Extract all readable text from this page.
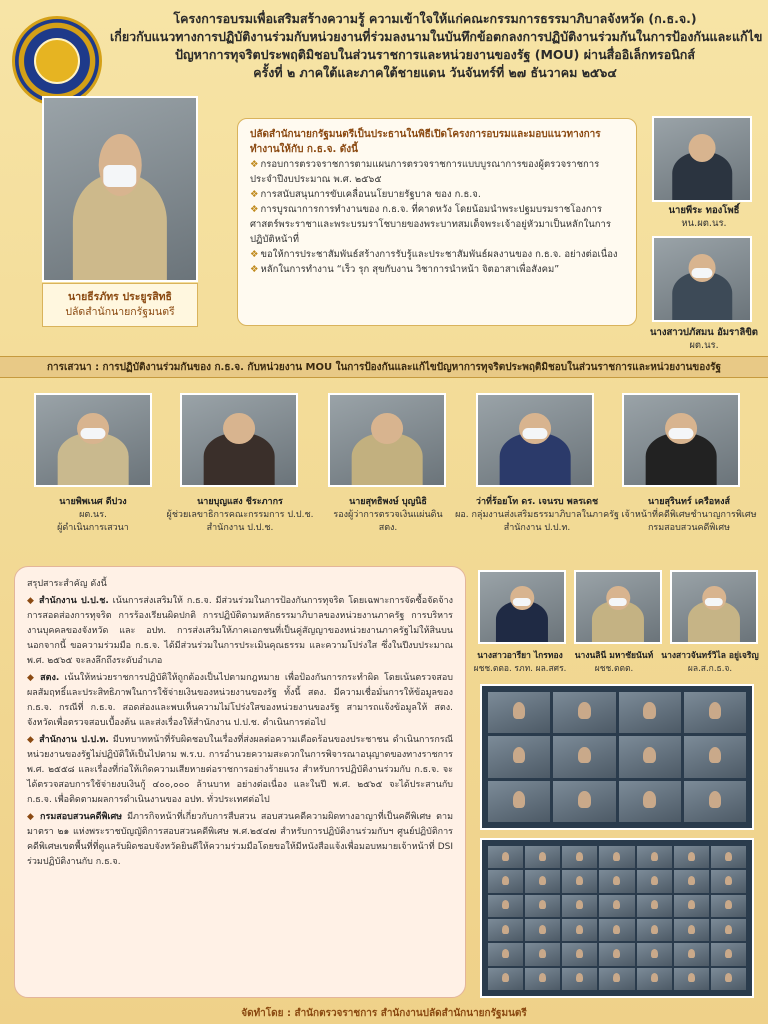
โครงการอบรมเพื่อเสริมสร้างความรู้ ความเข้าใจให้แก่คณะกรรมการธรรมาภิบาลจังหวัด (ก.ธ.จ.)
เกี่ยวกับแนวทางการปฏิบัติงานร่วมกับหน่วยงานที่ร่วมลงนามในบันทึกข้อตกลงการปฏิบัติงานร่วมกันในการป้องกันและแก้ไข
ปัญหาการทุจริตประพฤติมิชอบในส่วนราชการและหน่วยงานของรัฐ (MOU) ผ่านสื่ออิเล็กทรอนิกส์
ครั้งที่ ๒ ภาคใต้และภาคใต้ชายแดน วันจันทร์ที่ ๒๗ ธันวาคม ๒๕๖๔
นายธีรภัทร ประยูรสิทธิ
ปลัดสำนักนายกรัฐมนตรี
ปลัดสำนักนายกรัฐมนตรีเป็นประธานในพิธีเปิดโครงการอบรมและมอบแนวทางการทำงานให้กับ ก.ธ.จ. ดังนี้
❖ กรอบการตรวจราชการตามแผนการตรวจราชการแบบบูรณาการของผู้ตรวจราชการประจำปีงบประมาณ พ.ศ. ๒๕๖๕
❖ การสนับสนุนการขับเคลื่อนนโยบายรัฐบาล ของ ก.ธ.จ.
❖ การบูรณาการการทำงานของ ก.ธ.จ. ที่คาดหวัง โดยน้อมนำพระปฐมบรมราชโองการ ศาสตร์พระราชาและพระบรมราโชบายของพระบาทสมเด็จพระเจ้าอยู่หัวมาเป็นหลักในการปฏิบัติหน้าที่
❖ ขอให้การประชาสัมพันธ์สร้างการรับรู้และประชาสัมพันธ์ผลงานของ ก.ธ.จ. อย่างต่อเนื่อง
❖ หลักในการทำงาน “เร็ว รุก สุขกับงาน วิชาการนำหน้า จิตอาสาเพื่อสังคม”
นายพีระ ทองโพธิ์
หน.ผต.นร.
นางสาวปภัสมน อัมราลิขิต
ผต.นร.
การเสวนา : การปฏิบัติงานร่วมกันของ ก.ธ.จ. กับหน่วยงาน MOU ในการป้องกันและแก้ไขปัญหาการทุจริตประพฤติมิชอบในส่วนราชการและหน่วยงานของรัฐ
นายพิพเนศ ดีปวง
ผต.นร.
ผู้ดำเนินการเสวนา
นายบุญแสง ชีระภากร
ผู้ช่วยเลขาธิการคณะกรรมการ ป.ป.ช.
สำนักงาน ป.ป.ช.
นายสุทธิพงษ์ บุญนิธิ
รองผู้ว่าการตรวจเงินแผ่นดิน
สตง.
ว่าที่ร้อยโท ดร. เจนรบ พลรเดช
ผอ. กลุ่มงานส่งเสริมธรรมาภิบาลในภาครัฐ
สำนักงาน ป.ป.ท.
นายสุรินทร์ เครือหงส์
เจ้าหน้าที่คดีพิเศษชำนาญการพิเศษ
กรมสอบสวนคดีพิเศษ
สรุปสาระสำคัญ ดังนี้
◆ สำนักงาน ป.ป.ช. เน้นการส่งเสริมให้ ก.ธ.จ. มีส่วนร่วมในการป้องกันการทุจริต โดยเฉพาะการจัดซื้อจัดจ้าง การสอดส่องการทุจริต การร้องเรียนผิดปกติ การปฏิบัติตามหลักธรรมาภิบาลของหน่วยงานภาครัฐ การบริหารงานบุคคลของจังหวัด และ อปท. การส่งเสริมให้ภาคเอกชนที่เป็นคู่สัญญาของหน่วยงานภาครัฐไม่ให้สินบน นอกจากนี้ ขอความร่วมมือ ก.ธ.จ. ได้มีส่วนร่วมในการประเมินคุณธรรม และความโปร่งใส ซึ่งในปีงบประมาณ พ.ศ. ๒๕๖๕ จะลงลึกถึงระดับอำเภอ
◆ สตง. เน้นให้หน่วยราชการปฏิบัติให้ถูกต้องเป็นไปตามกฎหมาย เพื่อป้องกันการกระทำผิด โดยเน้นตรวจสอบผลสัมฤทธิ์และประสิทธิภาพในการใช้จ่ายเงินของหน่วยงานของรัฐ ทั้งนี้ สตง. มีความเชื่อมั่นการให้ข้อมูลของ ก.ธ.จ. กรณีที่ ก.ธ.จ. สอดส่องและพบเห็นความไม่โปร่งใสของหน่วยงานของรัฐ สามารถแจ้งข้อมูลให้ สตง. จังหวัดเพื่อตรวจสอบเบื้องต้น และส่งเรื่องให้สำนักงาน ป.ป.ช. ดำเนินการต่อไป
◆ สำนักงาน ป.ป.ท. มีบทบาทหน้าที่รับผิดชอบในเรื่องที่ส่งผลต่อความเดือดร้อนของประชาชน ดำเนินการกรณีหน่วยงานของรัฐไม่ปฏิบัติให้เป็นไปตาม พ.ร.บ. การอำนวยความสะดวกในการพิจารณาอนุญาตของทางราชการ พ.ศ. ๒๕๕๘ และเรื่องที่ก่อให้เกิดความเสียหายต่อราชการอย่างร้ายแรง สำหรับการปฏิบัติงานร่วมกับ ก.ธ.จ. จะได้ตรวจสอบการใช้จ่ายงบเงินกู้ ๔๐๐,๐๐๐ ล้านบาท อย่างต่อเนื่อง และในปี พ.ศ. ๒๕๖๕ จะได้ประสานกับ ก.ธ.จ. เพื่อติดตามผลการดำเนินงานของ อปท. ทั่วประเทศต่อไป
◆ กรมสอบสวนคดีพิเศษ มีภารกิจหน้าที่เกี่ยวกับการสืบสวน สอบสวนคดีความผิดทางอาญาที่เป็นคดีพิเศษ ตามมาตรา ๒๑ แห่งพระราชบัญญัติการสอบสวนคดีพิเศษ พ.ศ.๒๕๔๗ สำหรับการปฏิบัติงานร่วมกับฯ ศูนย์ปฏิบัติการคดีพิเศษเขตพื้นที่ที่ดูแลรับผิดชอบจังหวัดยินดีให้ความร่วมมือโดยขอให้มีหนังสือแจ้งเพื่อมอบหมายเจ้าหน้าที่ DSI ร่วมปฏิบัติงานกับ ก.ธ.จ.
นางสาวอารียา ไกรทอง
ผชช.ตตอ. รภท. ผล.สศร.
นางนลินี มหาชัยนันท์
ผชช.ตตต.
นางสาวจันทร์วิไล อยู่เจริญ
ผล.ส.ก.ธ.จ.
จัดทำโดย : สำนักตรวจราชการ สำนักงานปลัดสำนักนายกรัฐมนตรี
